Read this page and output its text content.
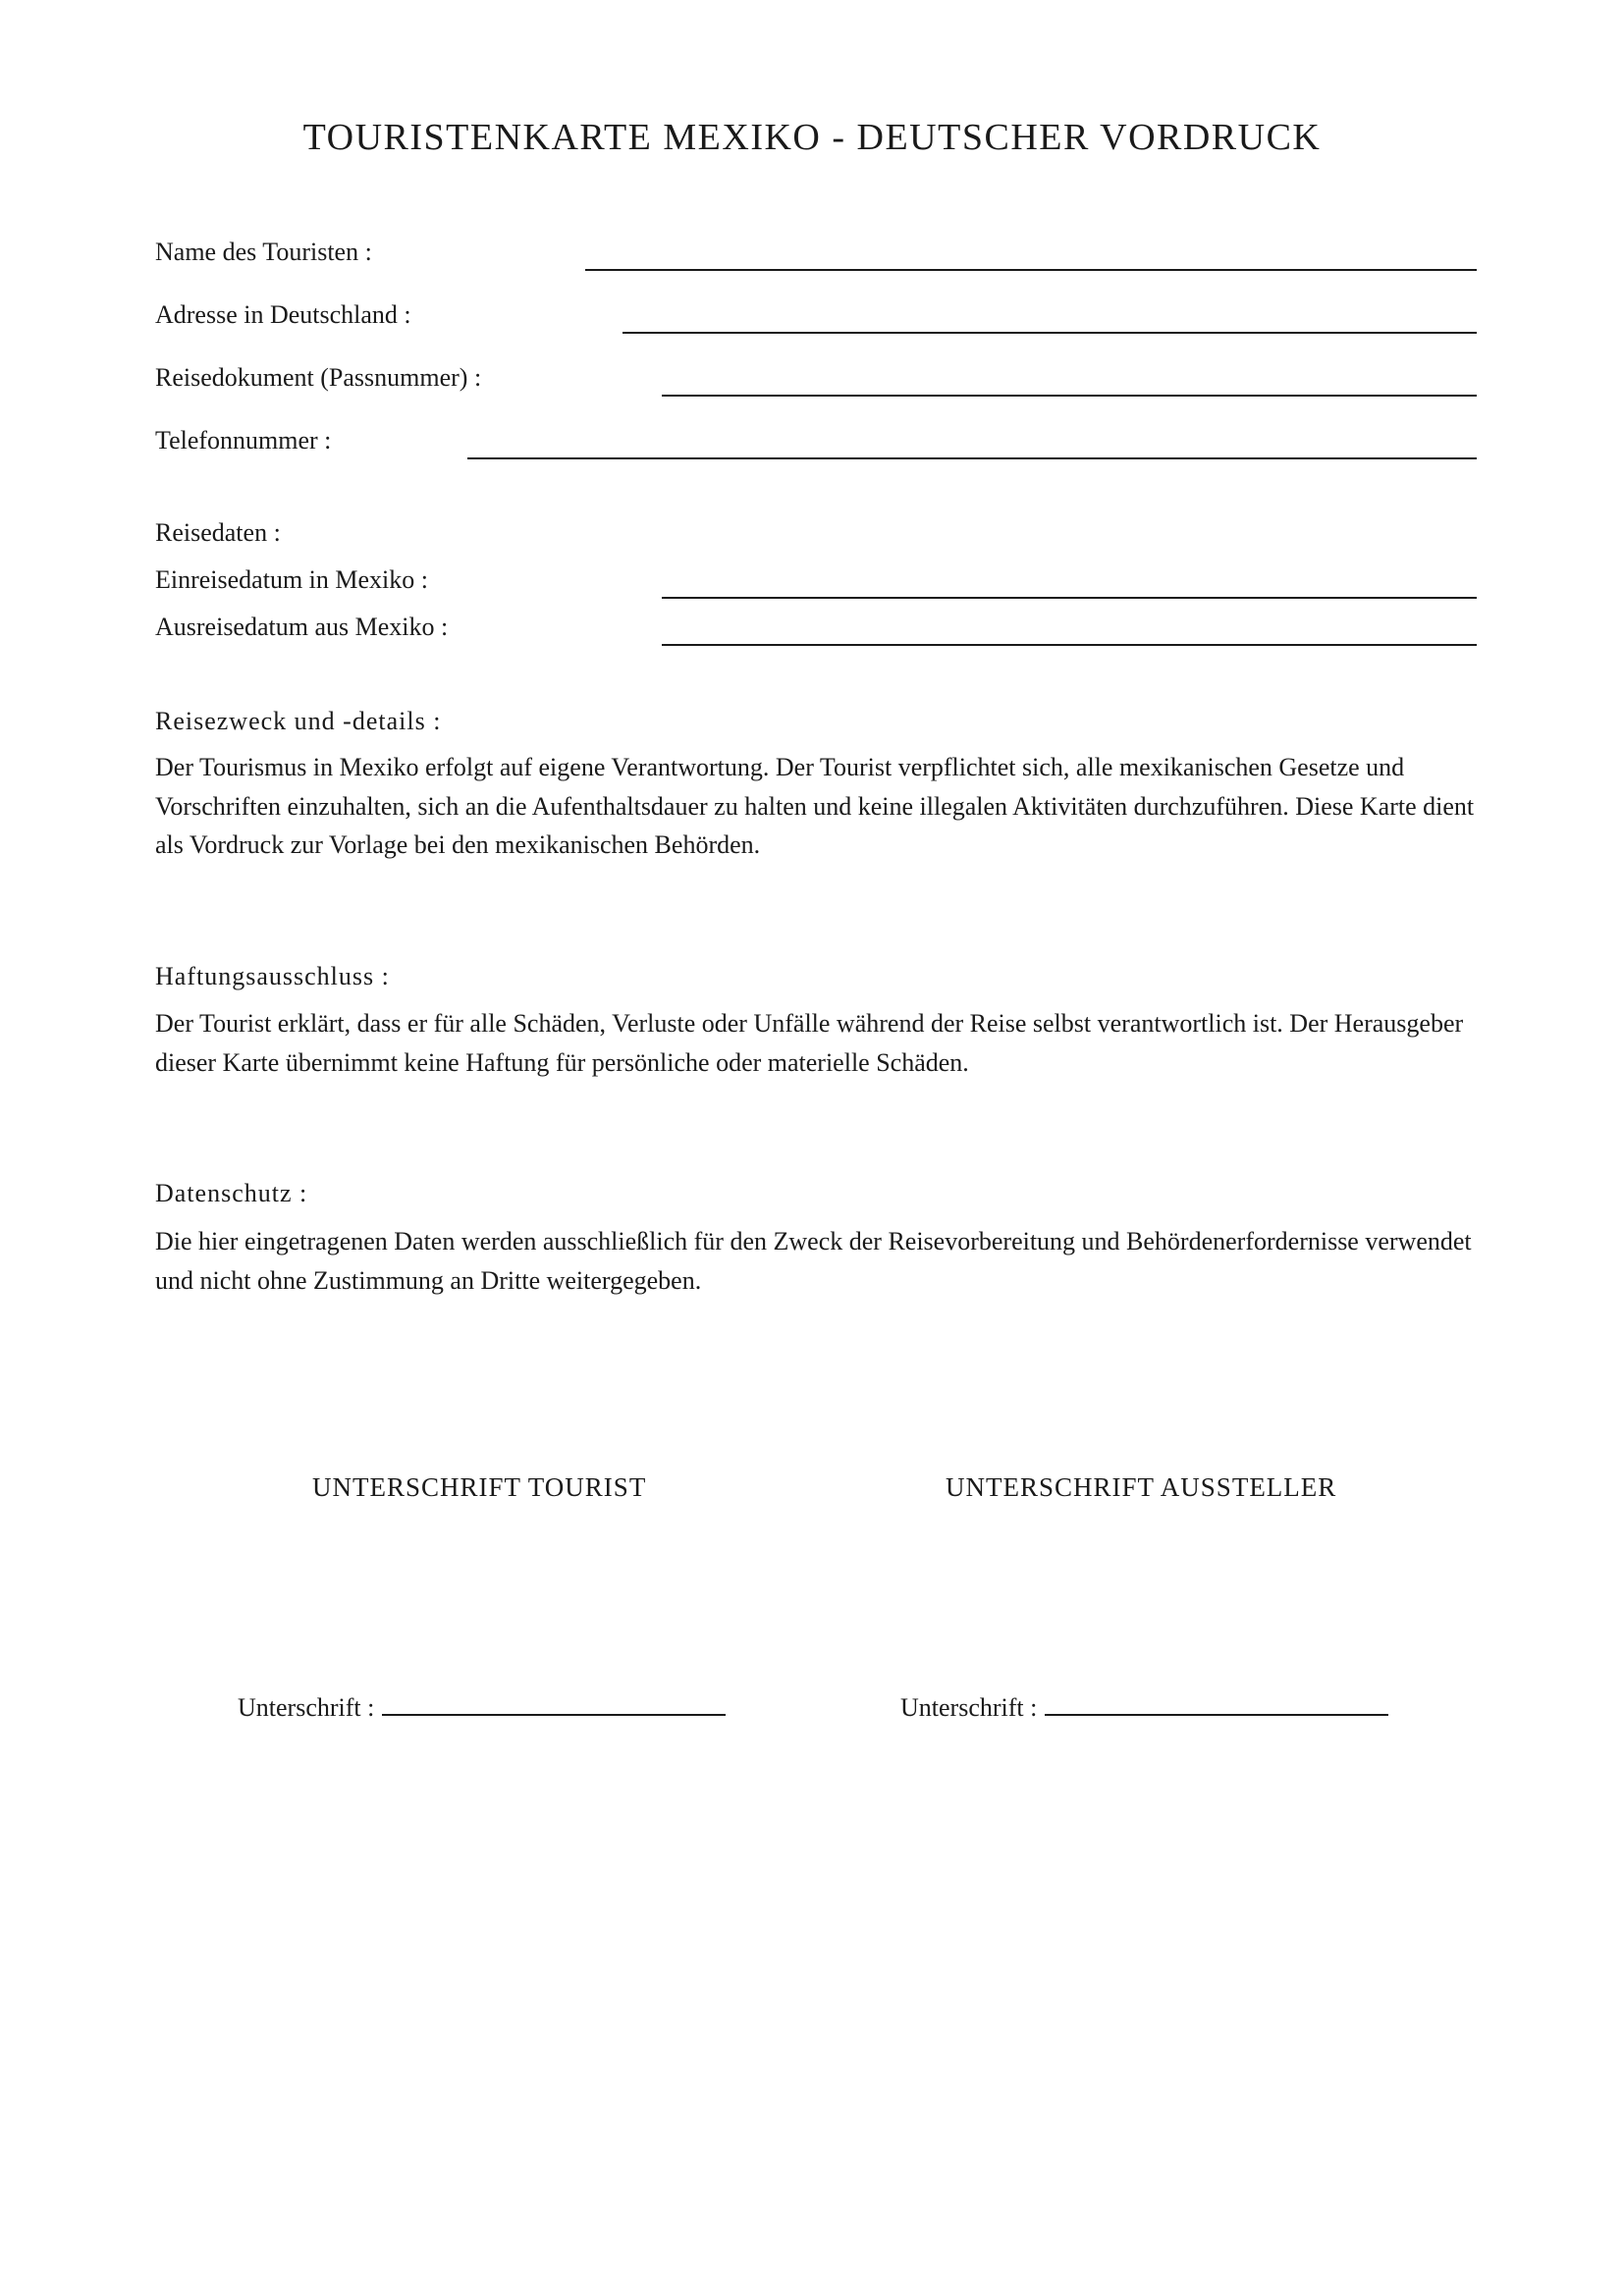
TOURISTENKARTE MEXIKO - DEUTSCHER VORDRUCK
Name des Touristen :
Adresse in Deutschland :
Reisedokument (Passnummer) :
Telefonnummer :
Reisedaten :
Einreisedatum in Mexiko :
Ausreisedatum aus Mexiko :
Reisezweck und -details :

Der Tourismus in Mexiko erfolgt auf eigene Verantwortung. Der Tourist verpflichtet sich, alle mexikanischen Gesetze und Vorschriften einzuhalten, sich an die Aufenthaltsdauer zu halten und keine illegalen Aktivitäten durchzuführen. Diese Karte dient als Vordruck zur Vorlage bei den mexikanischen Behörden.

Haftungsausschluss :

Der Tourist erklärt, dass er für alle Schäden, Verluste oder Unfälle während der Reise selbst verantwortlich ist. Der Herausgeber dieser Karte übernimmt keine Haftung für persönliche oder materielle Schäden.

Datenschutz :

Die hier eingetragenen Daten werden ausschließlich für den Zweck der Reisevorbereitung und Behördenerfordernisse verwendet und nicht ohne Zustimmung an Dritte weitergegeben.

UNTERSCHRIFT TOURIST	UNTERSCHRIFT AUSSTELLER
Unterschrift :	Unterschrift :
